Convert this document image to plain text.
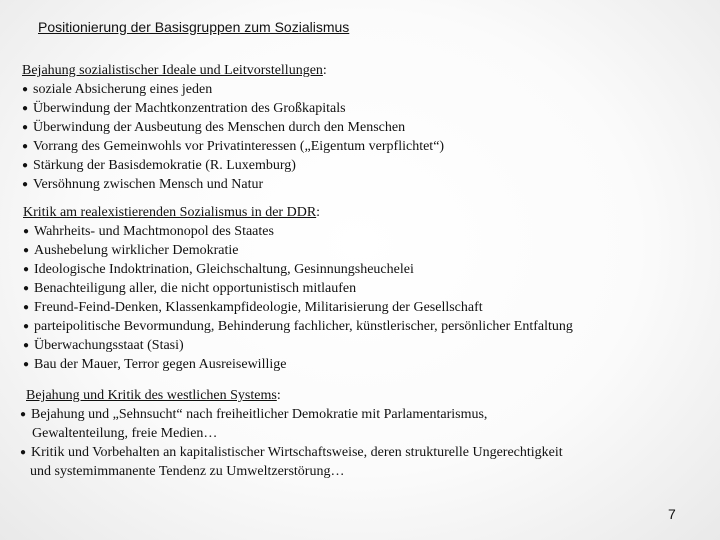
Positionierung der Basisgruppen zum Sozialismus
Bejahung sozialistischer Ideale und Leitvorstellungen :
● soziale Absicherung eines jeden
● Überwindung der Machtkonzentration des Großkapitals
● Überwindung der Ausbeutung des Menschen durch den Menschen
● Vorrang des Gemeinwohls vor Privatinteressen („Eigentum verpflichtet“)
● Stärkung der Basisdemokratie (R. Luxemburg)
● Versöhnung zwischen Mensch und Natur
Kritik am realexistierenden Sozialismus in der DDR :
● Wahrheits- und Machtmonopol des Staates
● Aushebelung wirklicher Demokratie
● Ideologische Indoktrination, Gleichschaltung, Gesinnungsheuchelei
● Benachteiligung aller, die nicht opportunistisch mitlaufen
● Freund-Feind-Denken, Klassenkampfideologie, Militarisierung der Gesellschaft
● parteipolitische Bevormundung, Behinderung fachlicher, künstlerischer, persönlicher Entfaltung
● Überwachungsstaat (Stasi)
● Bau der Mauer, Terror gegen Ausreisewillige
Bejahung und Kritik des westlichen Systems :
● Bejahung und „Sehnsucht“ nach freiheitlicher Demokratie mit Parlamentarismus,
Gewaltenteilung, freie Medien…
● Kritik und Vorbehalten an kapitalistischer Wirtschaftsweise, deren strukturelle Ungerechtigkeit
und systemimmanente Tendenz zu Umweltzerstörung…
7
